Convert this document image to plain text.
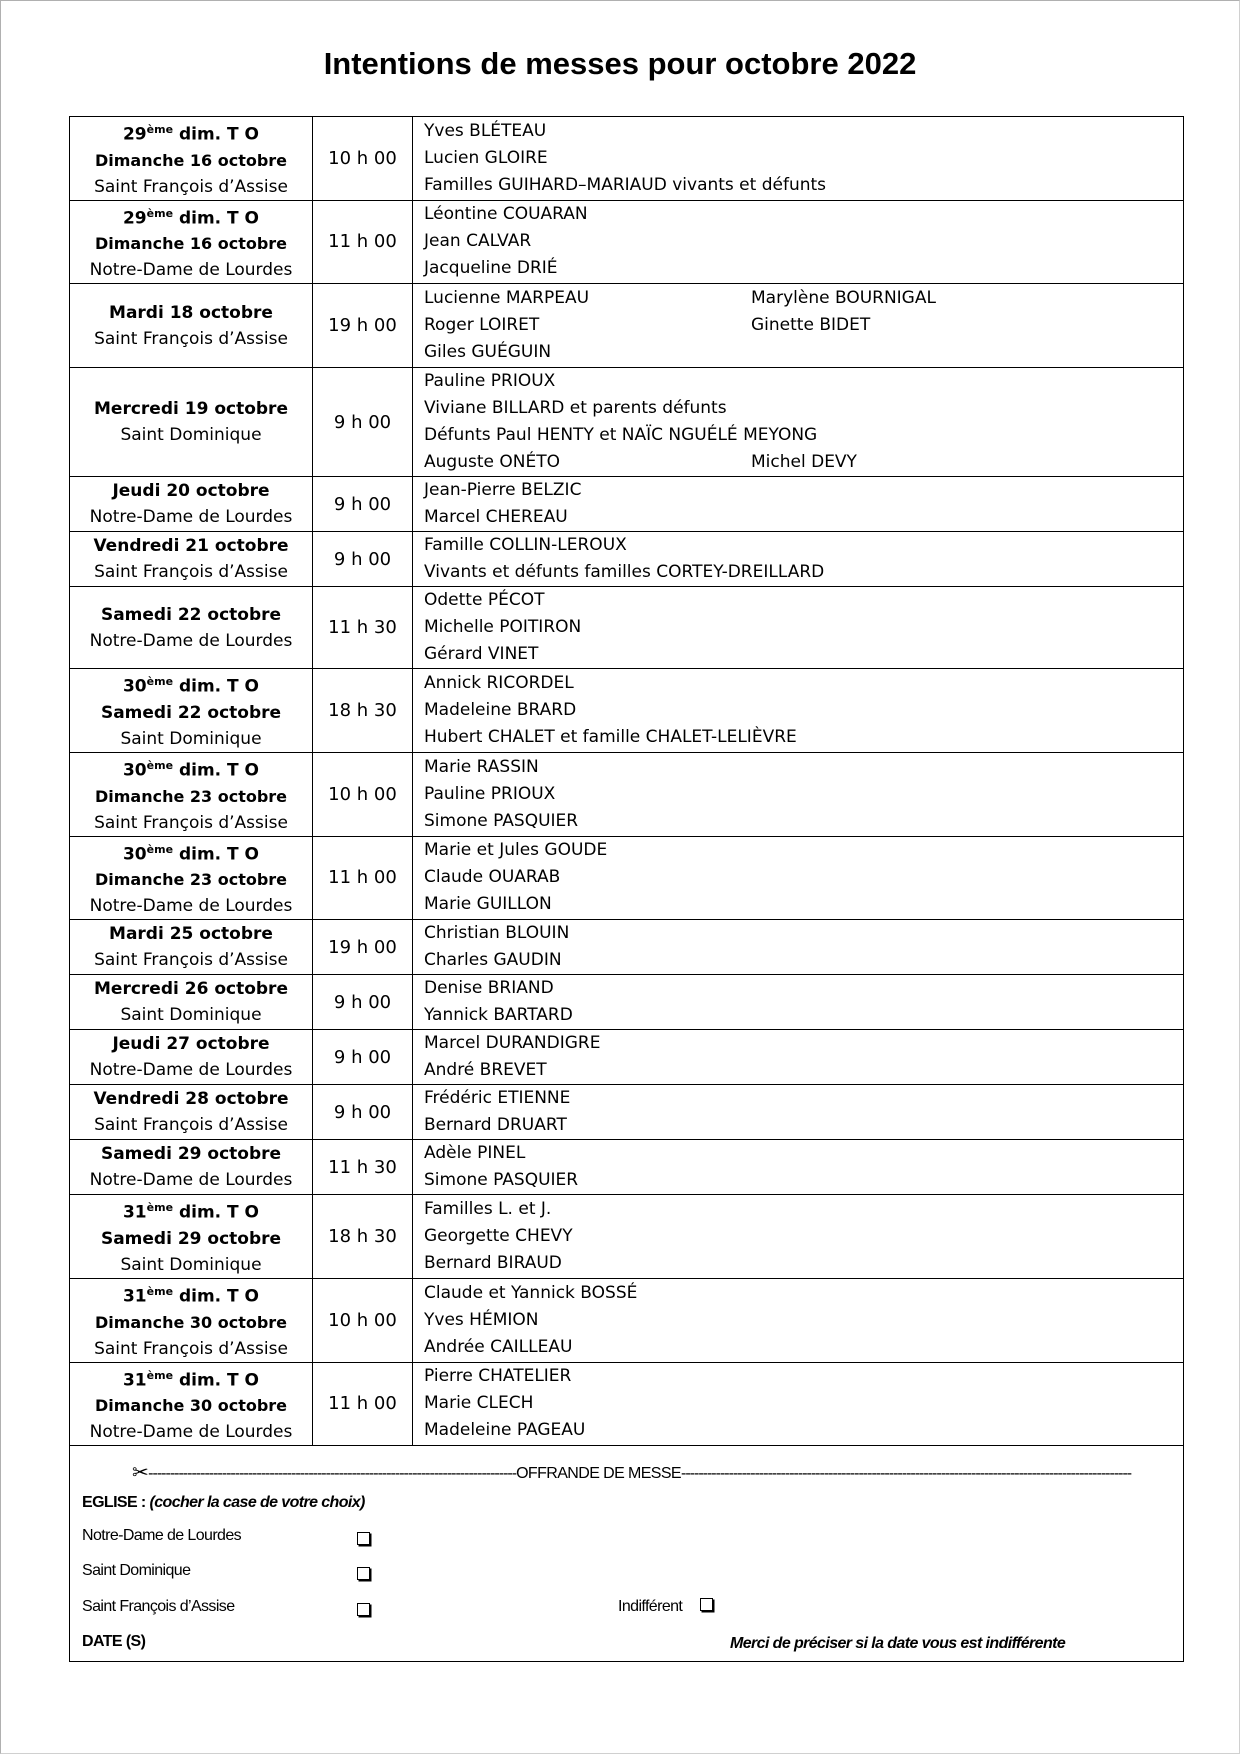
Intentions de messes pour octobre 2022
29ème dim. T O
Dimanche 16 octobre
Saint François d’Assise	10 h 00	Yves BLÉTEAU
Lucien GLOIRE
Familles GUIHARD–MARIAUD vivants et défunts

29ème dim. T O
Dimanche 16 octobre
Notre-Dame de Lourdes	11 h 00	Léontine COUARAN
Jean CALVAR
Jacqueline DRIÉ

Mardi 18 octobre
Saint François d’Assise	19 h 00	Lucienne MARPEAU Marylène BOURNIGAL
Roger LOIRET Ginette BIDET
Giles GUÉGUIN

Mercredi 19 octobre
Saint Dominique	9 h 00	Pauline PRIOUX
Viviane BILLARD et parents défunts
Défunts Paul HENTY et NAÏC NGUÉLÉ MEYONG
Auguste ONÉTO Michel DEVY

Jeudi 20 octobre
Notre-Dame de Lourdes	9 h 00	Jean-Pierre BELZIC
Marcel CHEREAU

Vendredi 21 octobre
Saint François d’Assise	9 h 00	Famille COLLIN-LEROUX
Vivants et défunts familles CORTEY-DREILLARD

Samedi 22 octobre
Notre-Dame de Lourdes	11 h 30	Odette PÉCOT
Michelle POITIRON
Gérard VINET

30ème dim. T O
Samedi 22 octobre
Saint Dominique	18 h 30	Annick RICORDEL
Madeleine BRARD
Hubert CHALET et famille CHALET-LELIÈVRE

30ème dim. T O
Dimanche 23 octobre
Saint François d’Assise	10 h 00	Marie RASSIN
Pauline PRIOUX
Simone PASQUIER

30ème dim. T O
Dimanche 23 octobre
Notre-Dame de Lourdes	11 h 00	Marie et Jules GOUDE
Claude OUARAB
Marie GUILLON

Mardi 25 octobre
Saint François d’Assise	19 h 00	Christian BLOUIN
Charles GAUDIN

Mercredi 26 octobre
Saint Dominique	9 h 00	Denise BRIAND
Yannick BARTARD

Jeudi 27 octobre
Notre-Dame de Lourdes	9 h 00	Marcel DURANDIGRE
André BREVET

Vendredi 28 octobre
Saint François d’Assise	9 h 00	Frédéric ETIENNE
Bernard DRUART

Samedi 29 octobre
Notre-Dame de Lourdes	11 h 30	Adèle PINEL
Simone PASQUIER

31ème dim. T O
Samedi 29 octobre
Saint Dominique	18 h 30	Familles L. et J.
Georgette CHEVY
Bernard BIRAUD

31ème dim. T O
Dimanche 30 octobre
Saint François d’Assise	10 h 00	Claude et Yannick BOSSÉ
Yves HÉMION
Andrée CAILLEAU

31ème dim. T O
Dimanche 30 octobre
Notre-Dame de Lourdes	11 h 00	Pierre CHATELIER
Marie CLECH
Madeleine PAGEAU
✂-------------------------------------------------------------------------------------OFFRANDE DE MESSE--------------------------------------------------------------------------------------------------------
EGLISE : (cocher la case de votre choix)
Notre-Dame de Lourdes
Saint Dominique
Saint François d’Assise	Indifférent
DATE (S)	Merci de préciser si la date vous est indifférente
